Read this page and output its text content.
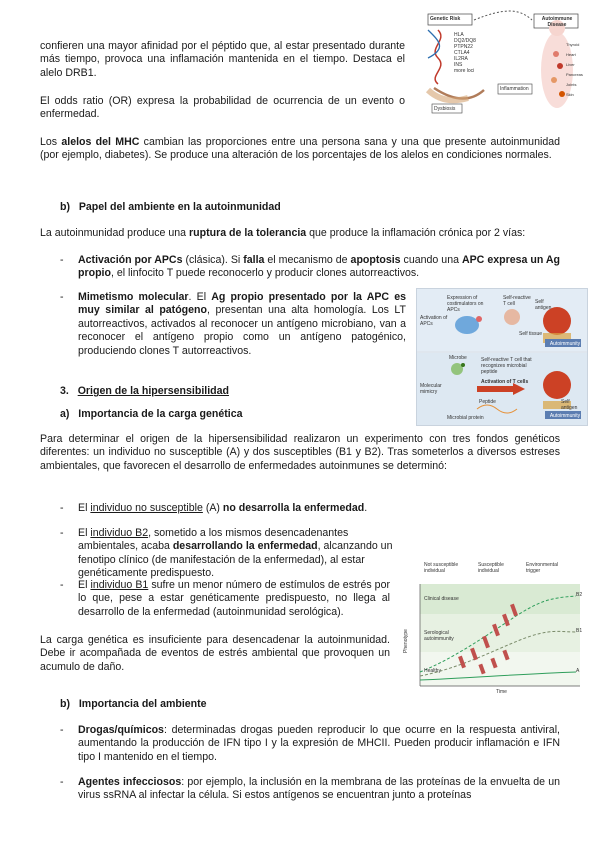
Genetic Risk	Autoimmune Disease
HLA
DQ2/DQ8
PTPN22
CTLA4
IL2RA
INS
more loci
Inflammation
Dysbiosis
Thyroid
Heart
Liver
Pancreas
Joints
Skin

confieren una mayor afinidad por el péptido que, al estar presentado durante más tiempo, provoca una inflamación mantenida en el tiempo. Destaca el alelo DRB1.

El odds ratio (OR) expresa la probabilidad de ocurrencia de un evento o enfermedad.

Los alelos del MHC cambian las proporciones entre una persona sana y una que presente autoinmunidad (por ejemplo, diabetes). Se produce una alteración de los porcentajes de los alelos en condiciones normales.

b)   Papel del ambiente en la autoinmunidad

La autoinmunidad produce una ruptura de la tolerancia que produce la inflamación crónica por 2 vías:

- Activación por APCs (clásica). Si falla el mecanismo de apoptosis cuando una APC expresa un Ag propio, el linfocito T puede reconocerlo y producir clones autorreactivos.

- Mimetismo molecular. El Ag propio presentado por la APC es muy similar al patógeno, presentan una alta homología. Los LT autorreactivos, activados al reconocer un antígeno microbiano, van a reconocer el antígeno propio como un antígeno patogénico, produciendo clones T autorreactivos.

Activation of APCs
Expression of costimulators on APCs
Self-reactive T cell	Self antigen
Self tissue
Autoimmunity
Molecular mimicry
Microbe	Self-reactive T cell that recognizes microbial peptide
Activation of T cells
Peptide
Microbial protein
Self antigen
Autoimmunity

3. Origen de la hipersensibilidad

a)   Importancia de la carga genética

Para determinar el origen de la hipersensibilidad realizaron un experimento con tres fondos genéticos diferentes: un individuo no susceptible (A) y dos susceptibles (B1 y B2). Tras someterlos a diversos estreses ambientales, que favorecen el desarrollo de enfermedades autoinmunes se determinó:

- El individuo no susceptible (A) no desarrolla la enfermedad.

- El individuo B2, sometido a los mismos desencadenantes ambientales, acaba desarrollando la enfermedad, alcanzando un fenotipo clínico (de manifestación de la enfermedad), al estar genéticamente predispuesto.

- El individuo B1 sufre un menor número de estímulos de estrés por lo que, pese a estar genéticamente predispuesto, no llega al desarrollo de la enfermedad (autoinmunidad serológica).

La carga genética es insuficiente para desencadenar la autoinmunidad. Debe ir acompañada de eventos de estrés ambiental que provoquen un acumulo de daño.

Not susceptible individual
Susceptible individual
Environmental trigger
Clinical disease
Serological autoimmunity
Healthy
Phenotype
Time
B2
B1
A

b)   Importancia del ambiente

- Drogas/químicos: determinadas drogas pueden reproducir lo que ocurre en la respuesta antiviral, aumentando la producción de IFN tipo I y la expresión de MHCII. Pueden producir inflamación e IFN tipo I mantenido en el tiempo.

- Agentes infecciosos: por ejemplo, la inclusión en la membrana de las proteínas de la envuelta de un virus ssRNA al infectar la célula. Si estos antígenos se encuentran junto a proteínas
